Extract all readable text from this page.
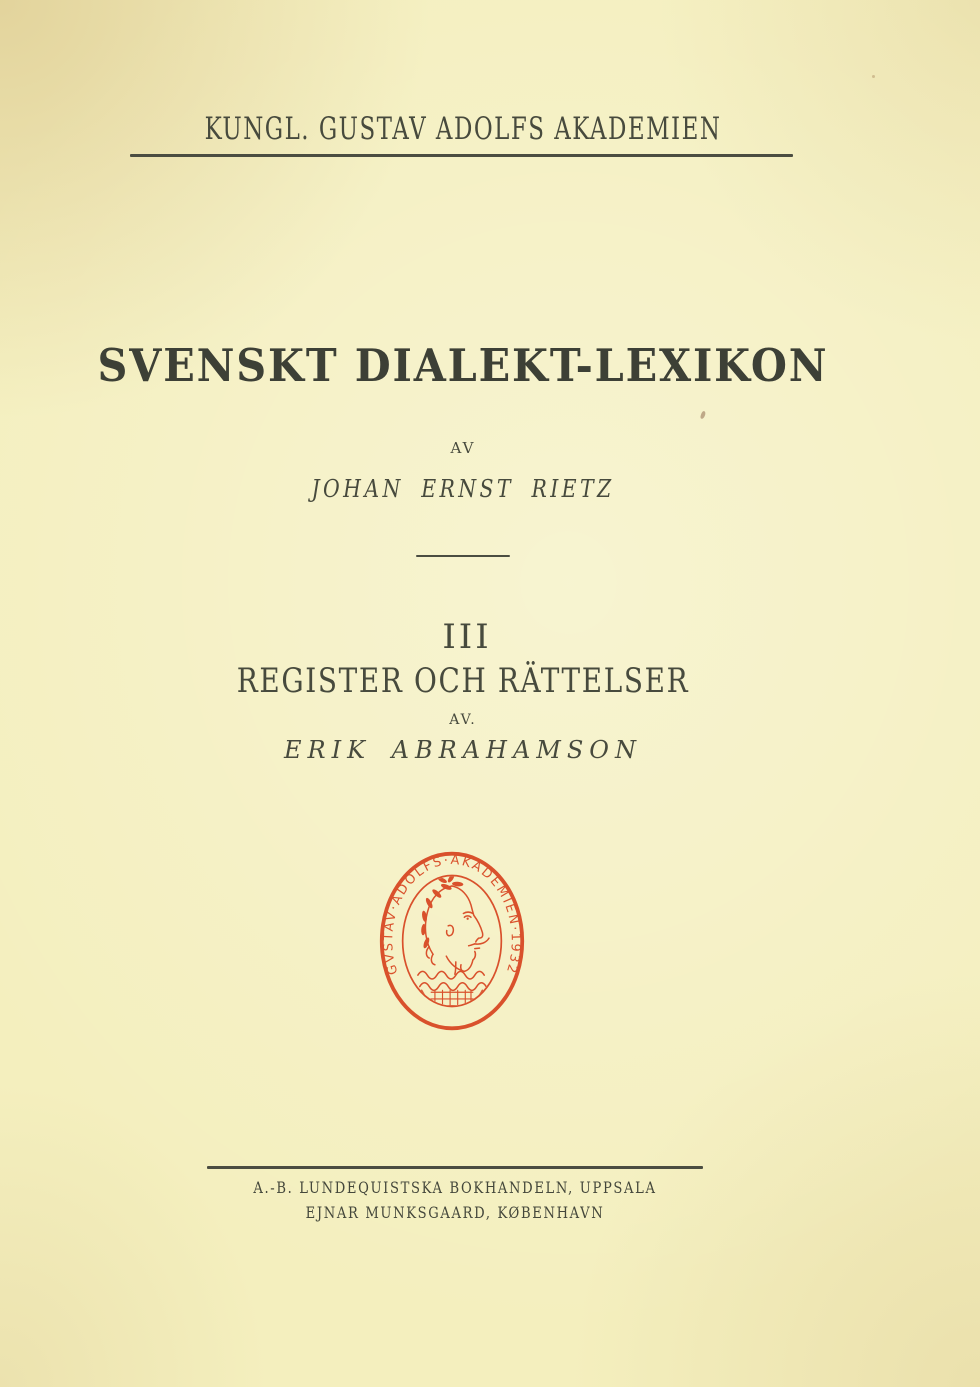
KUNGL. GUSTAV ADOLFS AKADEMIEN
SVENSKT DIALEKT-LEXIKON
AV
JOHAN ERNST RIETZ
III
REGISTER OCH RÄTTELSER
AV.
ERIK ABRAHAMSON
GVSTAV·ADOLFS·AKADEMIEN·1932
A.-B. LUNDEQUISTSKA BOKHANDELN, UPPSALA
EJNAR MUNKSGAARD, KØBENHAVN
